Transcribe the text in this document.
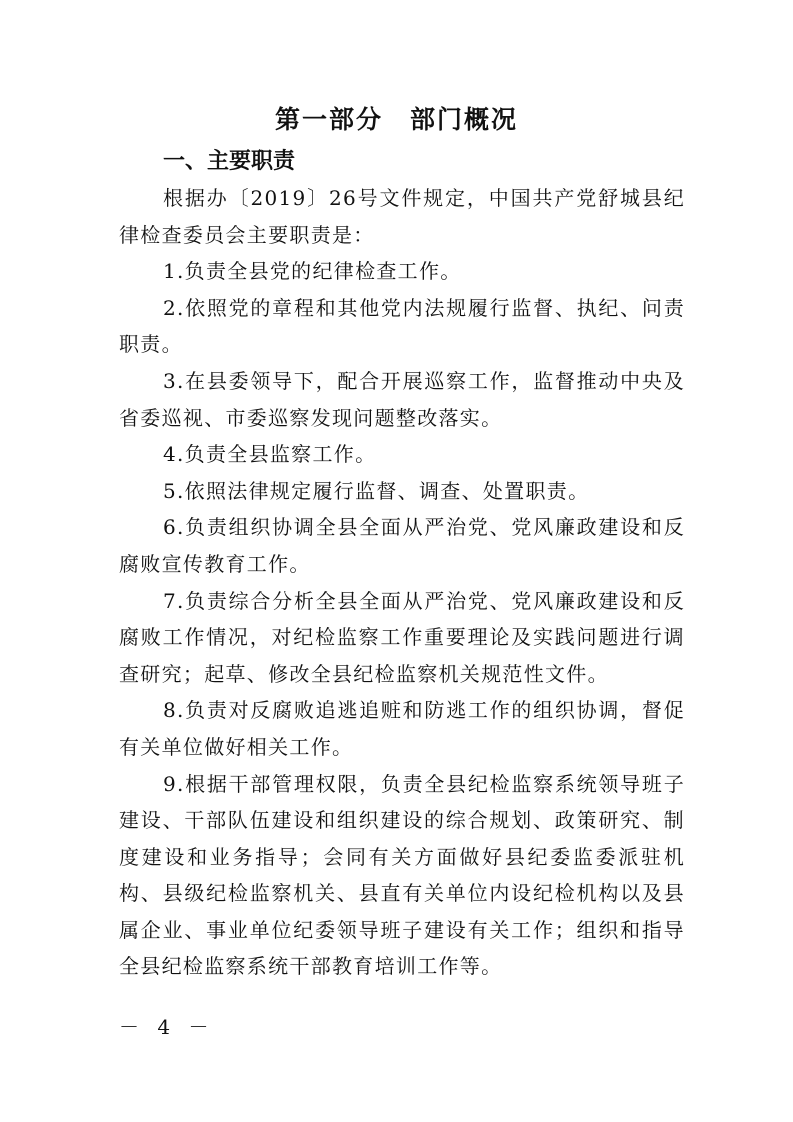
第一部分　部门概况
一、主要职责

根据办〔2019〕26号文件规定，中国共产党舒城县纪律检查委员会主要职责是：

1.负责全县党的纪律检查工作。

2.依照党的章程和其他党内法规履行监督、执纪、问责职责。

3.在县委领导下，配合开展巡察工作，监督推动中央及省委巡视、市委巡察发现问题整改落实。

4.负责全县监察工作。

5.依照法律规定履行监督、调查、处置职责。

6.负责组织协调全县全面从严治党、党风廉政建设和反腐败宣传教育工作。

7.负责综合分析全县全面从严治党、党风廉政建设和反腐败工作情况，对纪检监察工作重要理论及实践问题进行调查研究；起草、修改全县纪检监察机关规范性文件。

8.负责对反腐败追逃追赃和防逃工作的组织协调，督促有关单位做好相关工作。

9.根据干部管理权限，负责全县纪检监察系统领导班子建设、干部队伍建设和组织建设的综合规划、政策研究、制度建设和业务指导；会同有关方面做好县纪委监委派驻机构、县级纪检监察机关、县直有关单位内设纪检机构以及县属企业、事业单位纪委领导班子建设有关工作；组织和指导全县纪检监察系统干部教育培训工作等。

－ 4 －
